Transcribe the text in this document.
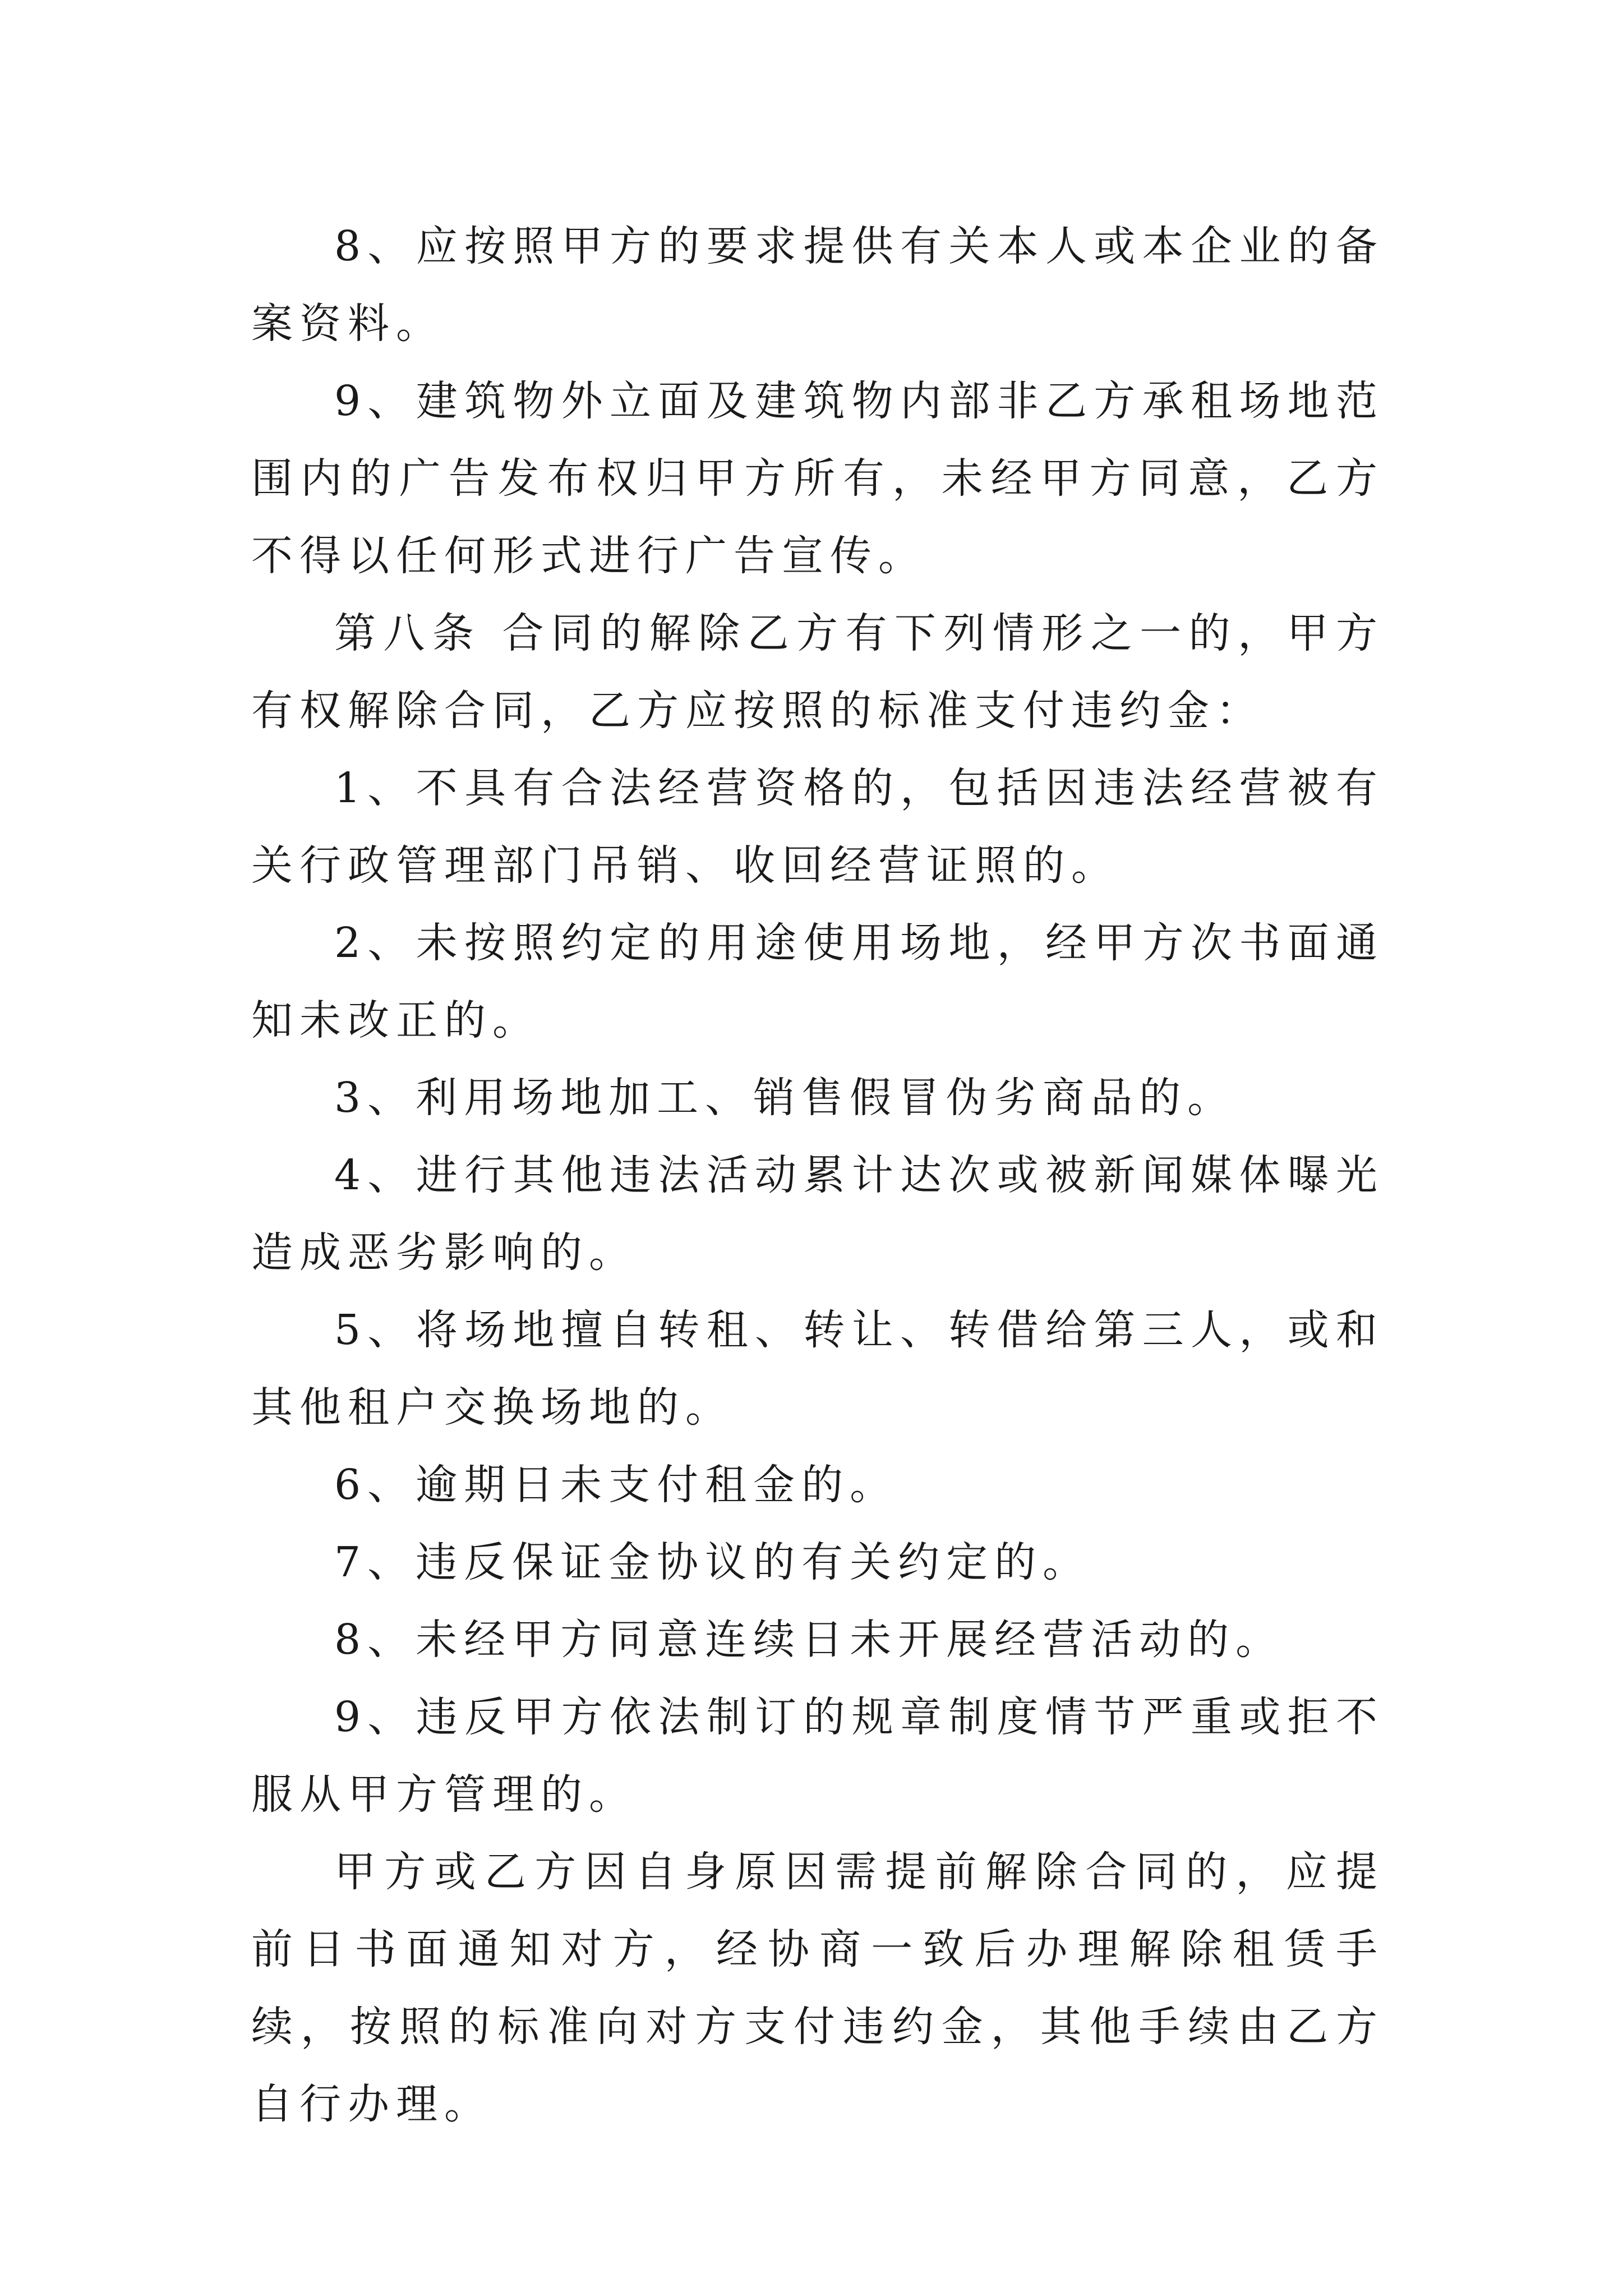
8、应按照甲方的要求提供有关本人或本企业的备案资料。

9、建筑物外立面及建筑物内部非乙方承租场地范围内的广告发布权归甲方所有，未经甲方同意，乙方不得以任何形式进行广告宣传。

第八条 合同的解除乙方有下列情形之一的，甲方有权解除合同，乙方应按照的标准支付违约金：

1、不具有合法经营资格的，包括因违法经营被有关行政管理部门吊销、收回经营证照的。

2、未按照约定的用途使用场地，经甲方次书面通知未改正的。

3、利用场地加工、销售假冒伪劣商品的。

4、进行其他违法活动累计达次或被新闻媒体曝光造成恶劣影响的。

5、将场地擅自转租、转让、转借给第三人，或和其他租户交换场地的。

6、逾期日未支付租金的。

7、违反保证金协议的有关约定的。

8、未经甲方同意连续日未开展经营活动的。

9、违反甲方依法制订的规章制度情节严重或拒不服从甲方管理的。

甲方或乙方因自身原因需提前解除合同的，应提前日书面通知对方，经协商一致后办理解除租赁手续，按照的标准向对方支付违约金，其他手续由乙方自行办理。
